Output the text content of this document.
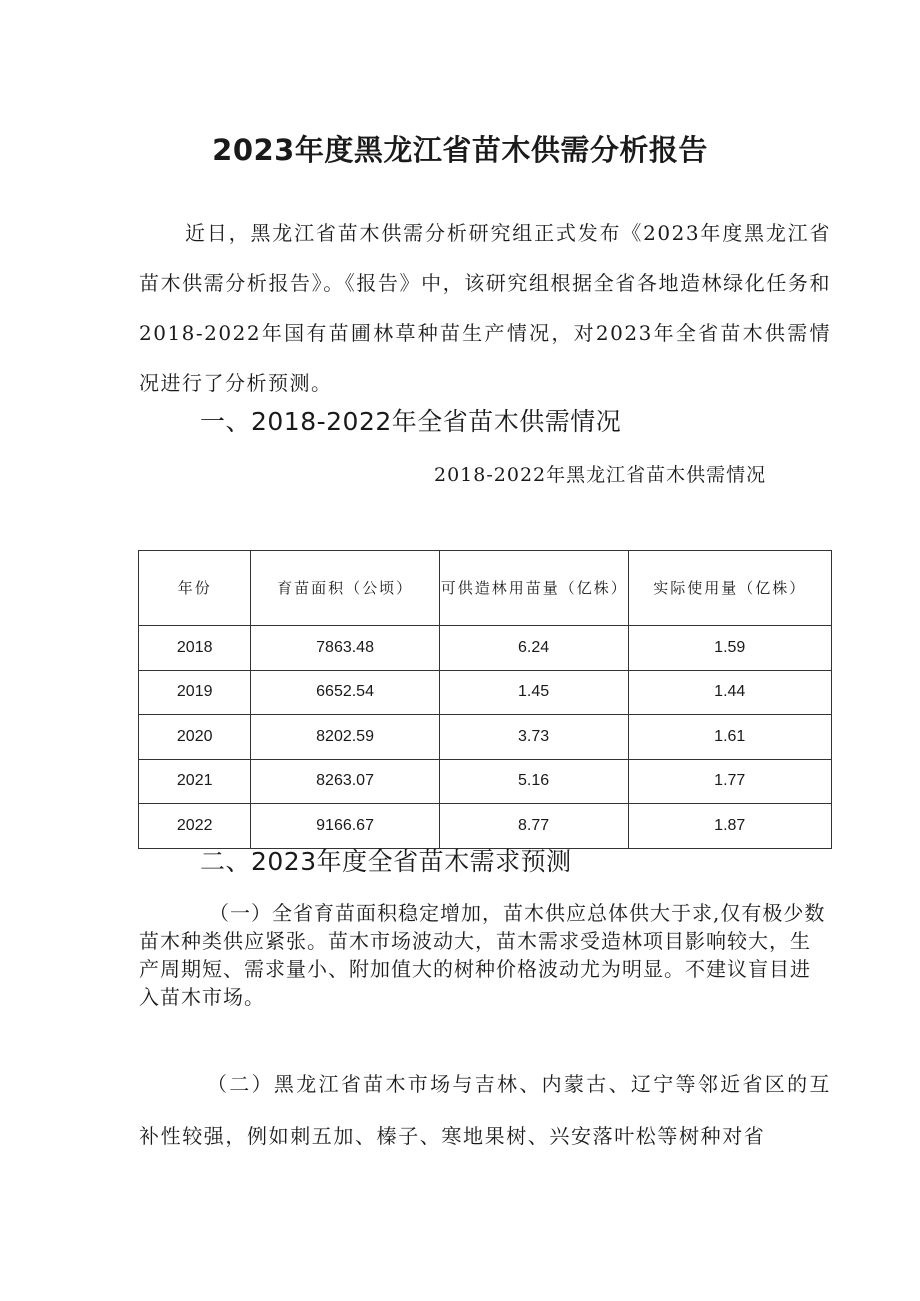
2023年度黑龙江省苗木供需分析报告

近日，黑龙江省苗木供需分析研究组正式发布《2023年度黑龙江省苗木供需分析报告》。《报告》中，该研究组根据全省各地造林绿化任务和2018-2022年国有苗圃林草种苗生产情况，对2023年全省苗木供需情况进行了分析预测。

一、2018-2022年全省苗木供需情况
2018-2022年黑龙江省苗木供需情况
年份	育苗面积（公顷）	可供造林用苗量（亿株）	实际使用量（亿株）
2018	7863.48	6.24	1.59
2019	6652.54	1.45	1.44
2020	8202.59	3.73	1.61
2021	8263.07	5.16	1.77
2022	9166.67	8.77	1.87
二、2023年度全省苗木需求预测

（一）全省育苗面积稳定增加，苗木供应总体供大于求,仅有极少数苗木种类供应紧张。苗木市场波动大，苗木需求受造林项目影响较大，生产周期短、需求量小、附加值大的树种价格波动尤为明显。不建议盲目进入苗木市场。

（二）黑龙江省苗木市场与吉林、内蒙古、辽宁等邻近省区的互补性较强，例如刺五加、榛子、寒地果树、兴安落叶松等树种对省
